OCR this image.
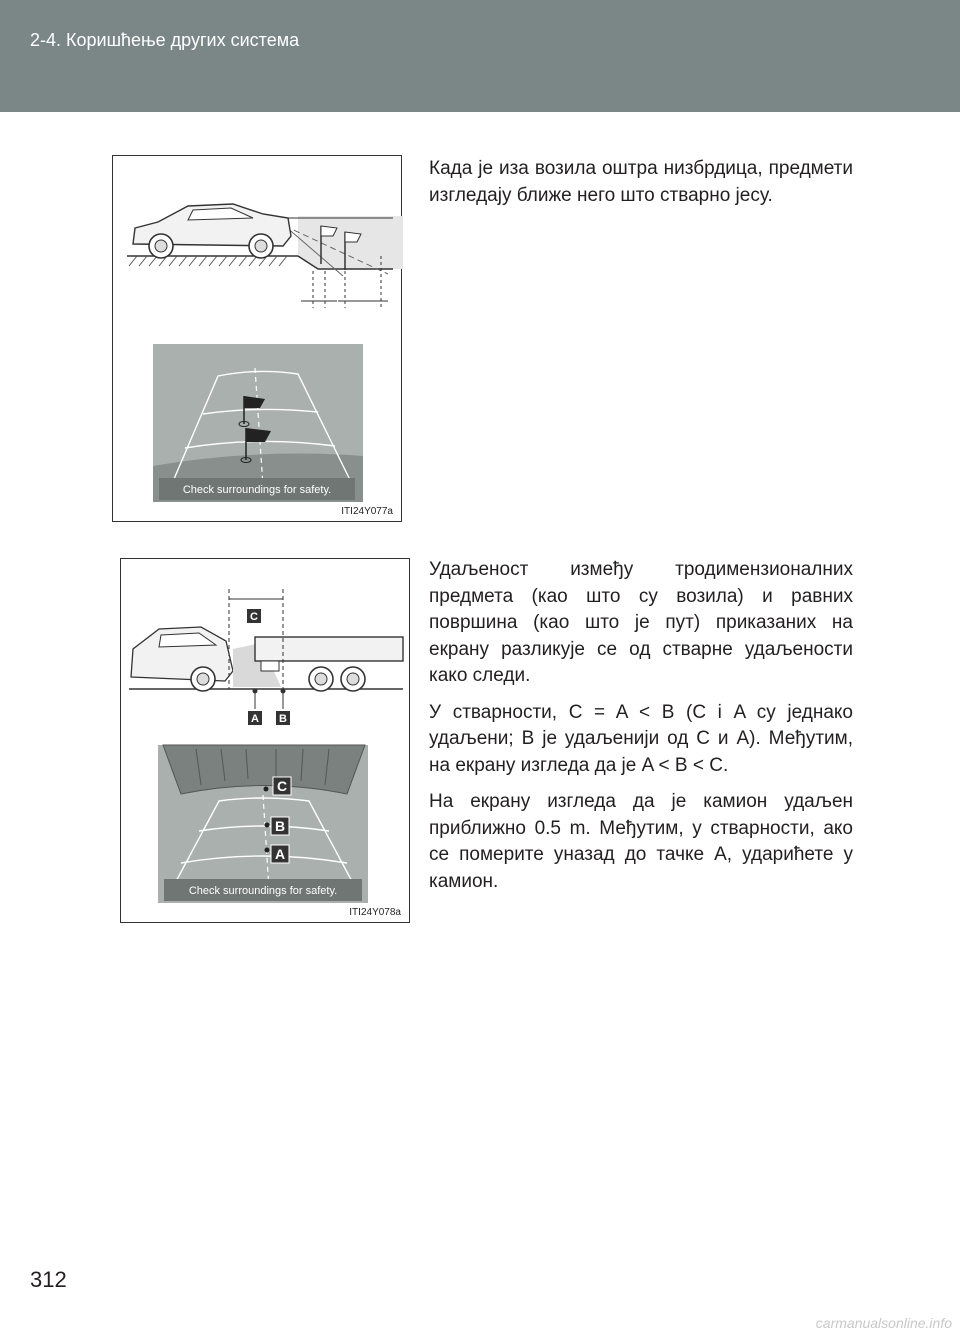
2-4. Коришћење других система
Check surroundings for safety.
ITI24Y077a
C
A B
C
B
A
Check surroundings for safety.
ITI24Y078a

Када је иза возила оштра низбрдица, предмети изгледају ближе него што стварно јесу.

Удаљеност између тродимензионалних предмета (као што су возила) и равних површина (као што је пут) приказаних на екрану разликује се од стварне удаљености како следи.

У стварности, C = A < B (C і A су једнако удаљени; B је удаљенији од C и A). Међутим, на екрану изгледа да је A < B < C.

На екрану изгледа да је камион удаљен приближно 0.5 m. Међутим, у стварности, ако се померите уназад до тачке A, ударићете у камион.

312
carmanualsonline.info
